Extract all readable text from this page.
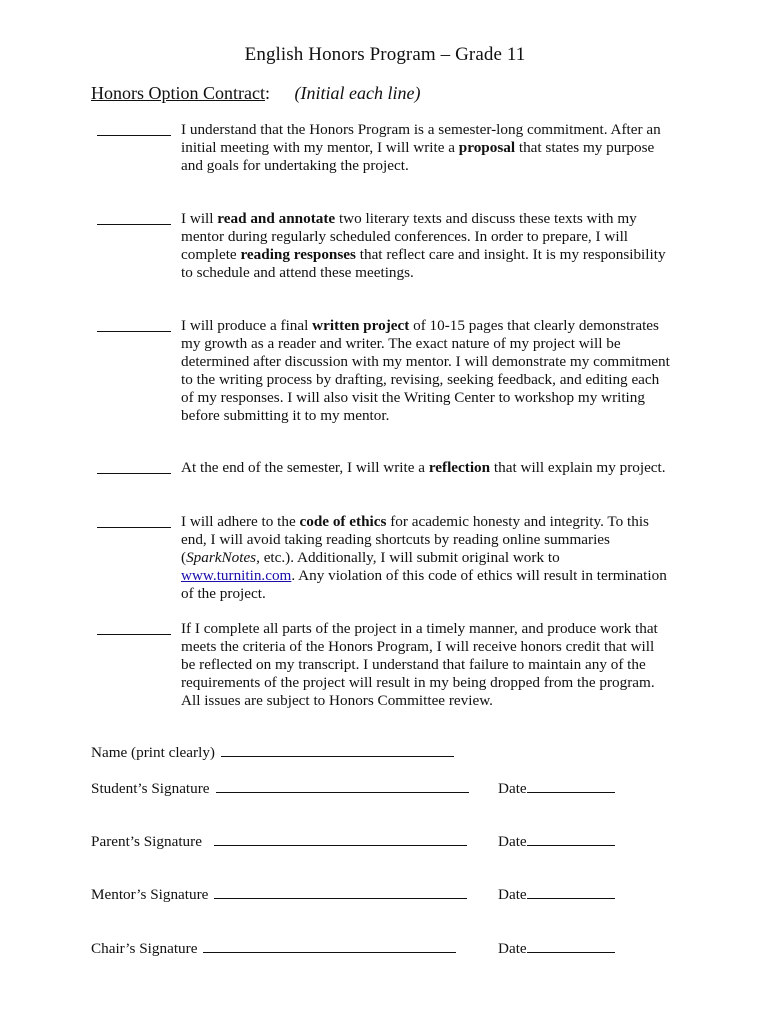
English Honors Program – Grade 11
Honors Option Contract: (Initial each line)
I understand that the Honors Program is a semester-long commitment. After an initial meeting with my mentor, I will write a proposal that states my purpose and goals for undertaking the project.
I will read and annotate two literary texts and discuss these texts with my mentor during regularly scheduled conferences. In order to prepare, I will complete reading responses that reflect care and insight. It is my responsibility to schedule and attend these meetings.
I will produce a final written project of 10-15 pages that clearly demonstrates my growth as a reader and writer. The exact nature of my project will be determined after discussion with my mentor. I will demonstrate my commitment to the writing process by drafting, revising, seeking feedback, and editing each of my responses. I will also visit the Writing Center to workshop my writing before submitting it to my mentor.
At the end of the semester, I will write a reflection that will explain my project.
I will adhere to the code of ethics for academic honesty and integrity. To this end, I will avoid taking reading shortcuts by reading online summaries (SparkNotes, etc.). Additionally, I will submit original work to www.turnitin.com. Any violation of this code of ethics will result in termination of the project.
If I complete all parts of the project in a timely manner, and produce work that meets the criteria of the Honors Program, I will receive honors credit that will be reflected on my transcript. I understand that failure to maintain any of the requirements of the project will result in my being dropped from the program. All issues are subject to Honors Committee review.
Name (print clearly)
Student’s Signature	Date
Parent’s Signature	Date
Mentor’s Signature	Date
Chair’s Signature	Date
